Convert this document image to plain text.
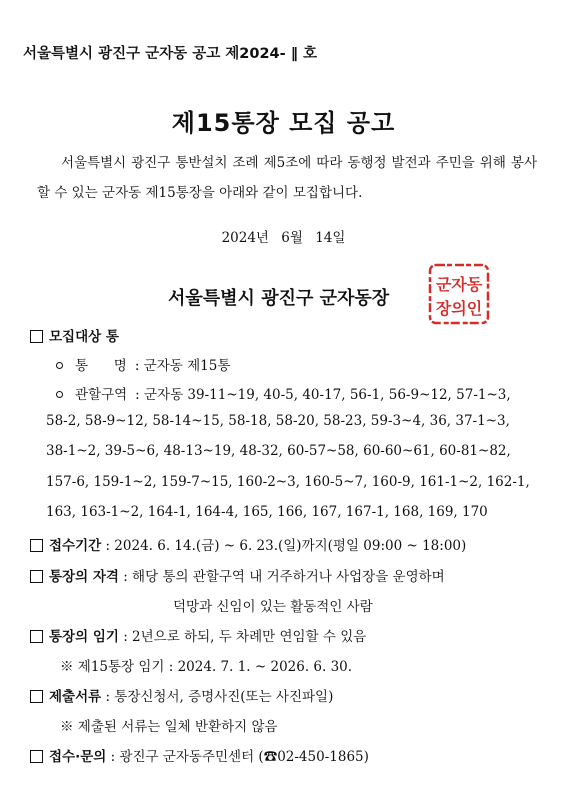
서울특별시 광진구 군자동 공고 제2024- ‖ 호
제15통장 모집 공고
서울특별시 광진구 통반설치 조례 제5조에 따라 동행정 발전과 주민을 위해 봉사할 수 있는 군자동 제15통장을 아래와 같이 모집합니다.
2024년 6월 14일
서울특별시 광진구 군자동장
군자동
장의인
모집대상 통
통      명 : 군자동 제15통
관할구역 : 군자동 39-11~19, 40-5, 40-17, 56-1, 56-9~12, 57-1~3,
58-2, 58-9~12, 58-14~15, 58-18, 58-20, 58-23, 59-3~4, 36, 37-1~3,
38-1~2, 39-5~6, 48-13~19, 48-32, 60-57~58, 60-60~61, 60-81~82,
157-6, 159-1~2, 159-7~15, 160-2~3, 160-5~7, 160-9, 161-1~2, 162-1,
163, 163-1~2, 164-1, 164-4, 165, 166, 167, 167-1, 168, 169, 170
접수기간 : 2024. 6. 14.(금) ~ 6. 23.(일)까지(평일 09:00 ~ 18:00)
통장의 자격 : 해당 통의 관할구역 내 거주하거나 사업장을 운영하며
덕망과 신임이 있는 활동적인 사람
통장의 임기 : 2년으로 하되, 두 차례만 연임할 수 있음
※ 제15통장 임기 : 2024. 7. 1. ~ 2026. 6. 30.
제출서류 : 통장신청서, 증명사진(또는 사진파일)
※ 제출된 서류는 일체 반환하지 않음
접수·문의 : 광진구 군자동주민센터 (☎02-450-1865)
